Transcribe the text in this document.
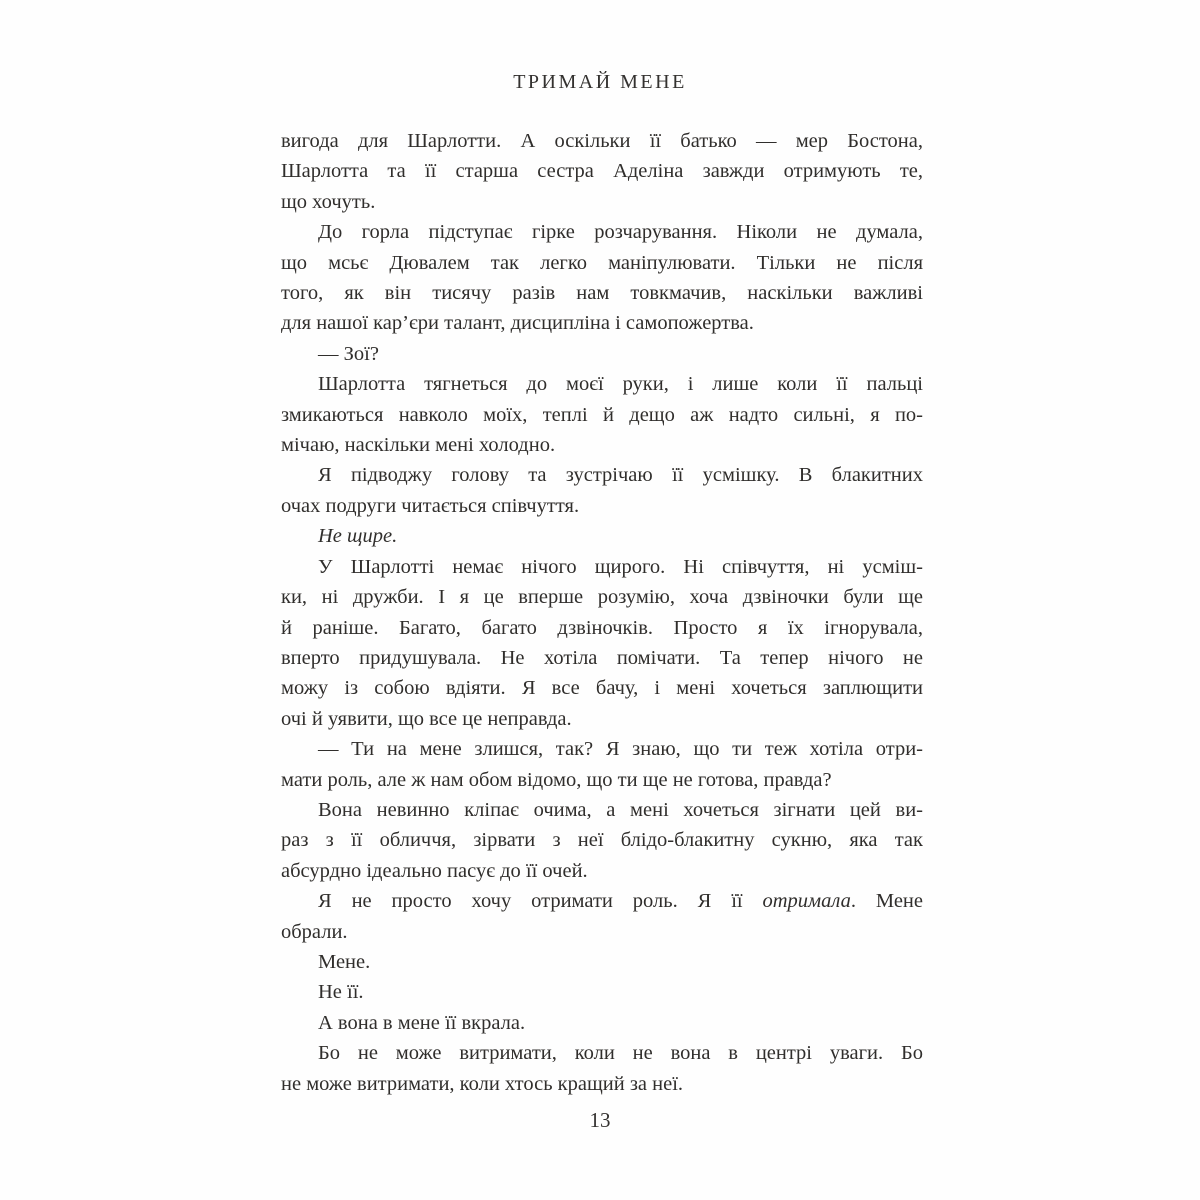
ТРИМАЙ МЕНЕ
вигода для Шарлотти. А оскільки її батько — мер Бостона,
Шарлотта та її старша сестра Аделіна завжди отримують те,
що хочуть.
До горла підступає гірке розчарування. Ніколи не думала,
що мсьє Дювалем так легко маніпулювати. Тільки не після
того, як він тисячу разів нам товкмачив, наскільки важливі
для нашої кар’єри талант, дисципліна і самопожертва.
— Зої?
Шарлотта тягнеться до моєї руки, і лише коли її пальці
змикаються навколо моїх, теплі й дещо аж надто сильні, я по-
мічаю, наскільки мені холодно.
Я підводжу голову та зустрічаю її усмішку. В блакитних
очах подруги читається співчуття.
Не щире.
У Шарлотті немає нічого щирого. Ні співчуття, ні усміш-
ки, ні дружби. І я це вперше розумію, хоча дзвіночки були ще
й раніше. Багато, багато дзвіночків. Просто я їх ігнорувала,
вперто придушувала. Не хотіла помічати. Та тепер нічого не
можу із собою вдіяти. Я все бачу, і мені хочеться заплющити
очі й уявити, що все це неправда.
— Ти на мене злишся, так? Я знаю, що ти теж хотіла отри-
мати роль, але ж нам обом відомо, що ти ще не готова, правда?
Вона невинно кліпає очима, а мені хочеться зігнати цей ви-
раз з її обличчя, зірвати з неї блідо-блакитну сукню, яка так
абсурдно ідеально пасує до її очей.
Я не просто хочу отримати роль. Я її отримала. Мене
обрали.
Мене.
Не її.
А вона в мене її вкрала.
Бо не може витримати, коли не вона в центрі уваги. Бо
не може витримати, коли хтось кращий за неї.
13
